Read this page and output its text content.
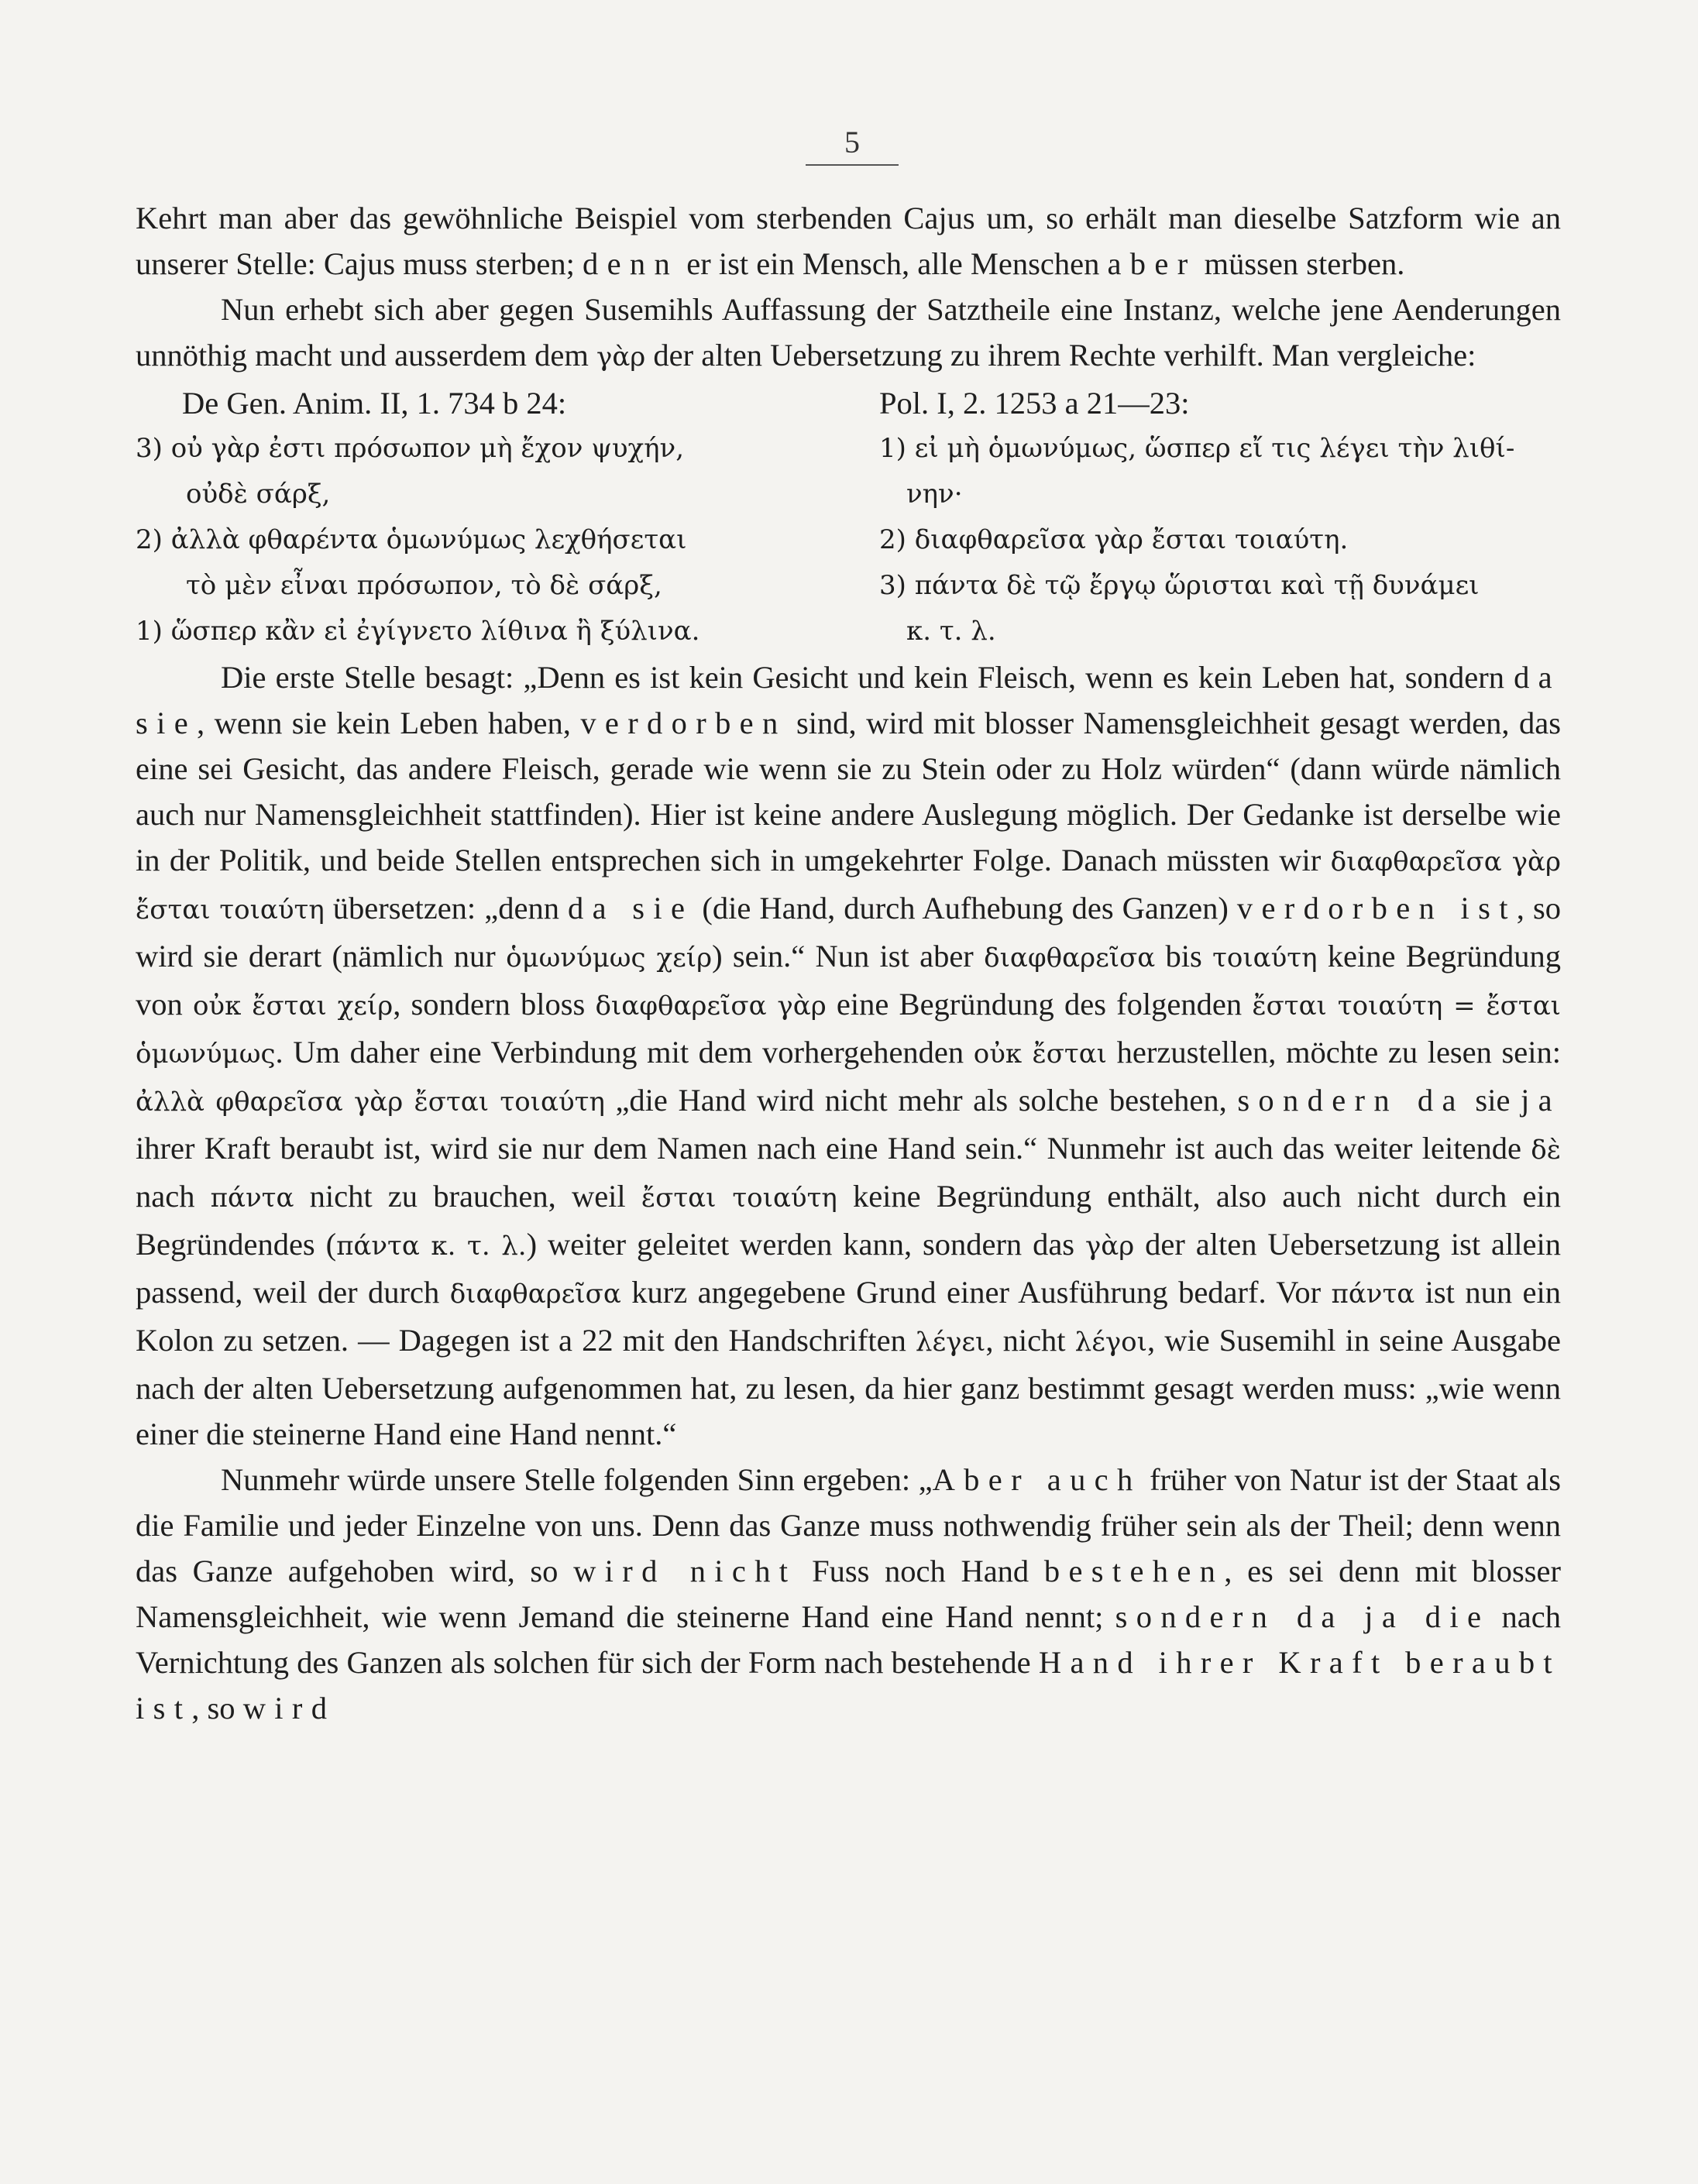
5

Kehrt man aber das gewöhnliche Beispiel vom sterbenden Cajus um, so erhält man dieselbe Satzform wie an unserer Stelle: Cajus muss sterben; denn er ist ein Mensch, alle Menschen aber müssen sterben.

Nun erhebt sich aber gegen Susemihls Auffassung der Satztheile eine Instanz, welche jene Aenderungen unnöthig macht und ausserdem dem γὰρ der alten Uebersetzung zu ihrem Rechte verhilft. Man vergleiche:

De Gen. Anim. II, 1. 734 b 24:
3) οὐ γὰρ ἐστι πρόσωπον μὴ ἔχον ψυχήν,
οὐδὲ σάρξ,
2) ἀλλὰ φθαρέντα ὁμωνύμως λεχθήσεται
τὸ μὲν εἶναι πρόσωπον, τὸ δὲ σάρξ,
1) ὥσπερ κἂν εἰ ἐγίγνετο λίθινα ἢ ξύλινα.
Pol. I, 2. 1253 a 21—23:
1) εἰ μὴ ὁμωνύμως, ὥσπερ εἴ τις λέγει τὴν λιθί-
νην·
2) διαφθαρεῖσα γὰρ ἔσται τοιαύτη.
3) πάντα δὲ τῷ ἔργῳ ὥρισται καὶ τῇ δυνάμει
κ. τ. λ.

Die erste Stelle besagt: „Denn es ist kein Gesicht und kein Fleisch, wenn es kein Leben hat, sondern da sie, wenn sie kein Leben haben, verdorben sind, wird mit blosser Namensgleichheit gesagt werden, das eine sei Gesicht, das andere Fleisch, gerade wie wenn sie zu Stein oder zu Holz würden“ (dann würde nämlich auch nur Namensgleichheit stattfinden). Hier ist keine andere Auslegung möglich. Der Gedanke ist derselbe wie in der Politik, und beide Stellen entsprechen sich in umgekehrter Folge. Danach müssten wir διαφθαρεῖσα γὰρ ἔσται τοιαύτη übersetzen: „denn da sie (die Hand, durch Aufhebung des Ganzen) verdorben ist, so wird sie derart (nämlich nur ὁμωνύμως χείρ) sein.“ Nun ist aber διαφθαρεῖσα bis τοιαύτη keine Begründung von οὐκ ἔσται χείρ, sondern bloss διαφθαρεῖσα γὰρ eine Begründung des folgenden ἔσται τοιαύτη = ἔσται ὁμωνύμως. Um daher eine Verbindung mit dem vorhergehenden οὐκ ἔσται herzustellen, möchte zu lesen sein: ἀλλὰ φθαρεῖσα γὰρ ἔσται τοιαύτη „die Hand wird nicht mehr als solche bestehen, sondern da sie ja ihrer Kraft beraubt ist, wird sie nur dem Namen nach eine Hand sein.“ Nunmehr ist auch das weiter leitende δὲ nach πάντα nicht zu brauchen, weil ἔσται τοιαύτη keine Begründung enthält, also auch nicht durch ein Begründendes (πάντα κ. τ. λ.) weiter geleitet werden kann, sondern das γὰρ der alten Uebersetzung ist allein passend, weil der durch διαφθαρεῖσα kurz angegebene Grund einer Ausführung bedarf. Vor πάντα ist nun ein Kolon zu setzen. — Dagegen ist a 22 mit den Handschriften λέγει, nicht λέγοι, wie Susemihl in seine Ausgabe nach der alten Uebersetzung aufgenommen hat, zu lesen, da hier ganz bestimmt gesagt werden muss: „wie wenn einer die steinerne Hand eine Hand nennt.“

Nunmehr würde unsere Stelle folgenden Sinn ergeben: „Aber auch früher von Natur ist der Staat als die Familie und jeder Einzelne von uns. Denn das Ganze muss nothwendig früher sein als der Theil; denn wenn das Ganze aufgehoben wird, so wird nicht Fuss noch Hand bestehen, es sei denn mit blosser Namensgleichheit, wie wenn Jemand die steinerne Hand eine Hand nennt; sondern da ja die nach Vernichtung des Ganzen als solchen für sich der Form nach bestehende Hand ihrer Kraft beraubt ist, so wird
